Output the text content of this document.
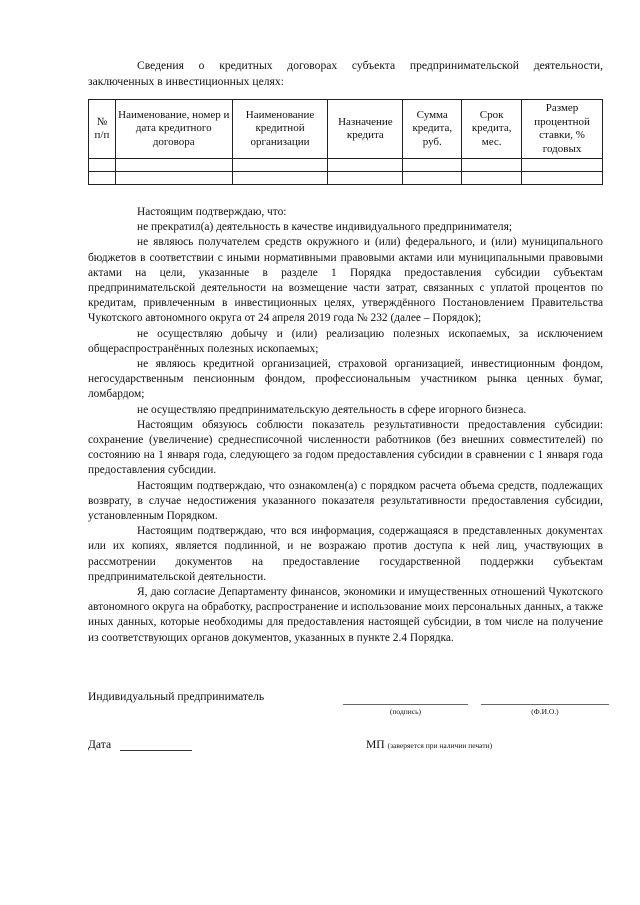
Сведения о кредитных договорах субъекта предпринимательской деятельности,
заключенных в инвестиционных целях:
№ п/п	Наименование, номер и дата кредитного договора	Наименование кредитной организации	Назначение кредита	Сумма кредита, руб.	Срок кредита, мес.	Размер процентной ставки, % годовых

Настоящим подтверждаю, что:

не прекратил(а) деятельность в качестве индивидуального предпринимателя;

не являюсь получателем средств окружного и (или) федерального, и (или) муниципального бюджетов в соответствии с иными нормативными правовыми актами или муниципальными правовыми актами на цели, указанные в разделе 1 Порядка предоставления субсидии субъектам предпринимательской деятельности на возмещение части затрат, связанных с уплатой процентов по кредитам, привлеченным в инвестиционных целях, утверждённого Постановлением Правительства Чукотского автономного округа от 24 апреля 2019 года № 232 (далее – Порядок);

не осуществляю добычу и (или) реализацию полезных ископаемых, за исключением общераспространённых полезных ископаемых;

не являюсь кредитной организацией, страховой организацией, инвестиционным фондом, негосударственным пенсионным фондом, профессиональным участником рынка ценных бумаг, ломбардом;

не осуществляю предпринимательскую деятельность в сфере игорного бизнеса.

Настоящим обязуюсь соблюсти показатель результативности предоставления субсидии: сохранение (увеличение) среднесписочной численности работников (без внешних совместителей) по состоянию на 1 января года, следующего за годом предоставления субсидии в сравнении с 1 января года предоставления субсидии.

Настоящим подтверждаю, что ознакомлен(а) с порядком расчета объема средств, подлежащих возврату, в случае недостижения указанного показателя результативности предоставления субсидии, установленным Порядком.

Настоящим подтверждаю, что вся информация, содержащаяся в представленных документах или их копиях, является подлинной, и не возражаю против доступа к ней лиц, участвующих в рассмотрении документов на предоставление государственной поддержки субъектам предпринимательской деятельности.

Я, даю согласие Департаменту финансов, экономики и имущественных отношений Чукотского автономного округа на обработку, распространение и использование моих персональных данных, а также иных данных, которые необходимы для предоставления настоящей субсидии, в том числе на получение из соответствующих органов документов, указанных в пункте 2.4 Порядка.

Индивидуальный предприниматель
(подпись)	(Ф.И.О.)
Дата	МП (заверяется при наличии печати)
